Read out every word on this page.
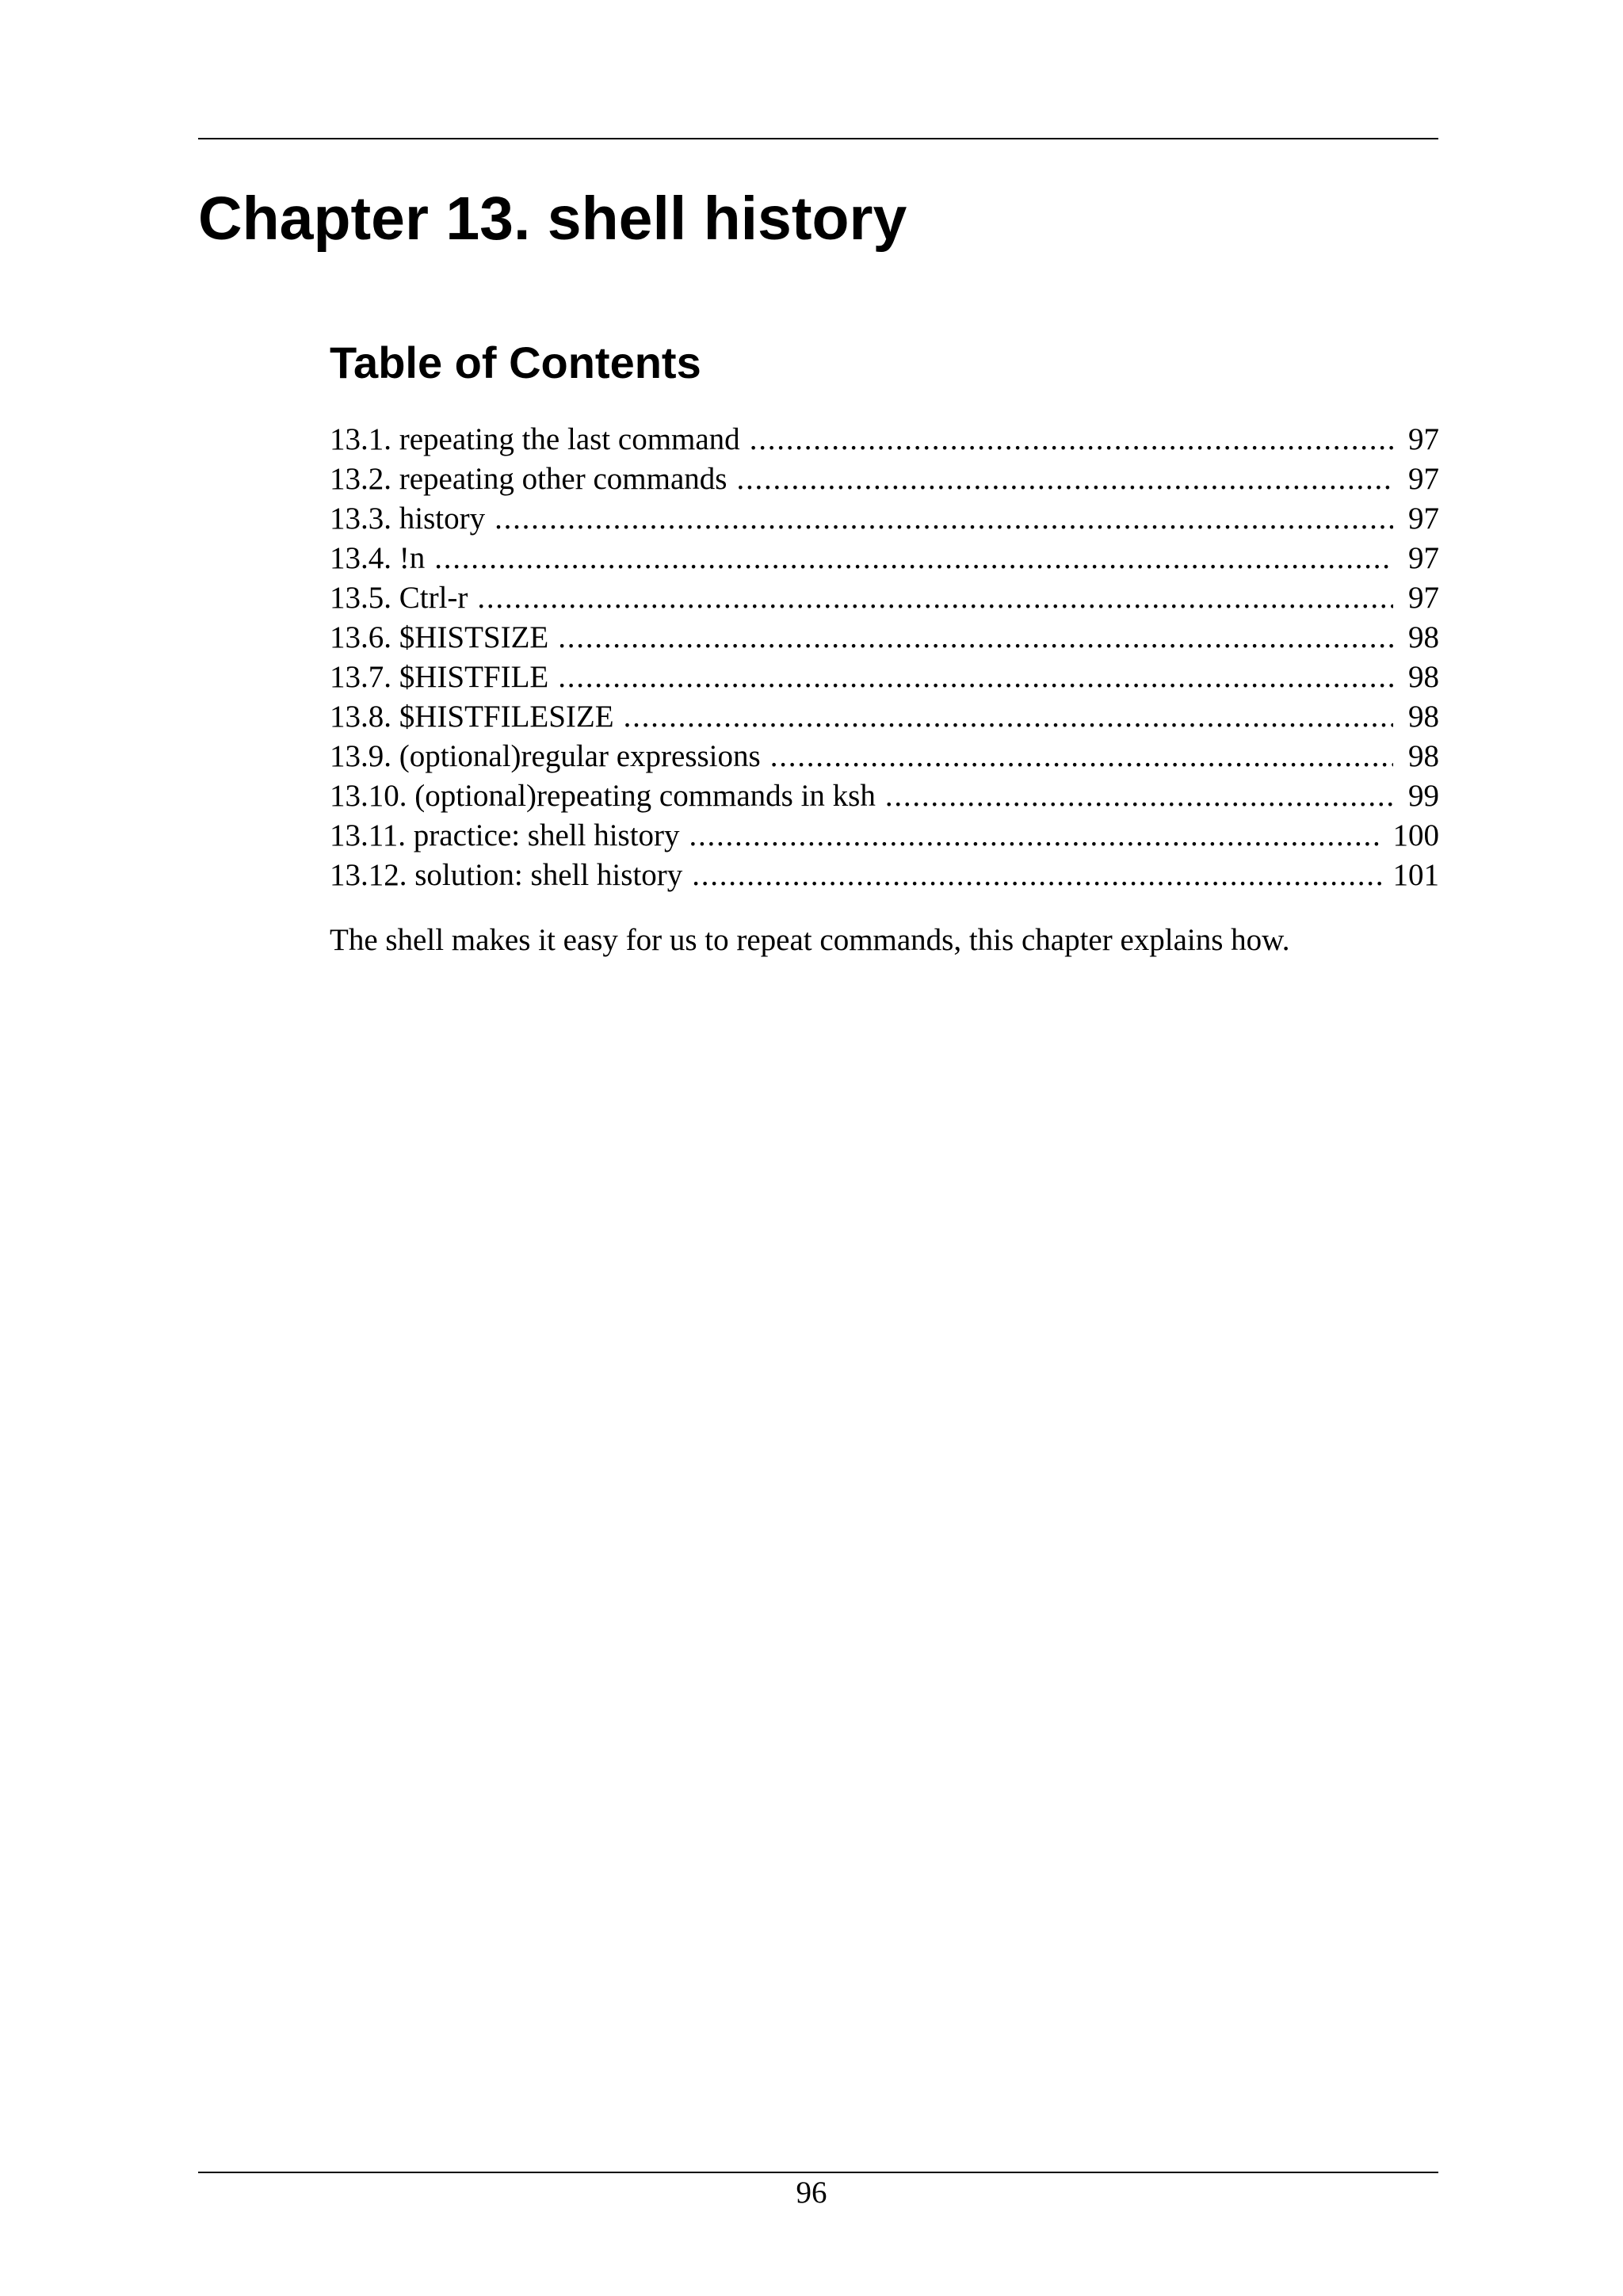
Chapter 13. shell history
Table of Contents
13.1. repeating the last command . . .	97
13.2. repeating other commands . . .	97
13.3. history . . .	97
13.4. !n . . .	97
13.5. Ctrl-r . . .	97
13.6. $HISTSIZE . . .	98
13.7. $HISTFILE . . .	98
13.8. $HISTFILESIZE . . .	98
13.9. (optional)regular expressions . . .	98
13.10. (optional)repeating commands in ksh . . .	99
13.11. practice: shell history . . .	100
13.12. solution: shell history . . .	101

The shell makes it easy for us to repeat commands, this chapter explains how.

96
